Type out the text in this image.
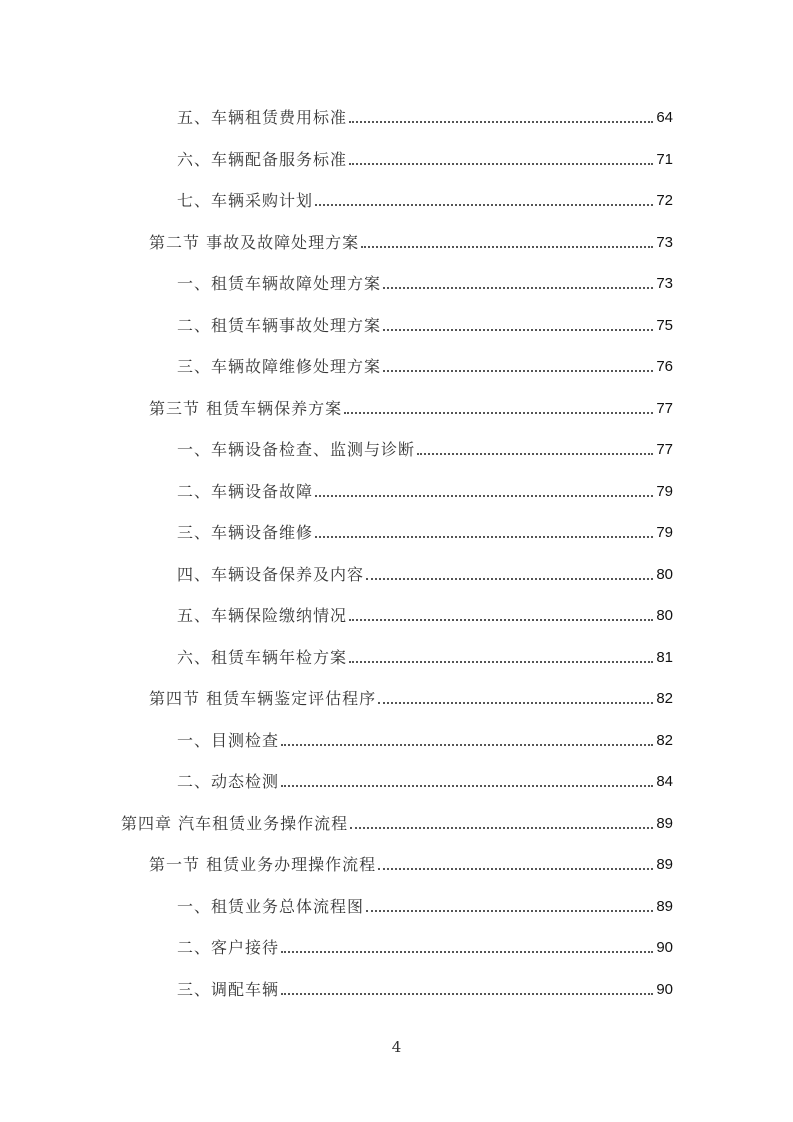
五、车辆租赁费用标准	64
六、车辆配备服务标准	71
七、车辆采购计划	72
第二节 事故及故障处理方案	73
一、租赁车辆故障处理方案	73
二、租赁车辆事故处理方案	75
三、车辆故障维修处理方案	76
第三节 租赁车辆保养方案	77
一、车辆设备检查、监测与诊断	77
二、车辆设备故障	79
三、车辆设备维修	79
四、车辆设备保养及内容	80
五、车辆保险缴纳情况	80
六、租赁车辆年检方案	81
第四节 租赁车辆鉴定评估程序	82
一、目测检查	82
二、动态检测	84
第四章 汽车租赁业务操作流程	89
第一节 租赁业务办理操作流程	89
一、租赁业务总体流程图	89
二、客户接待	90
三、调配车辆	90
4
